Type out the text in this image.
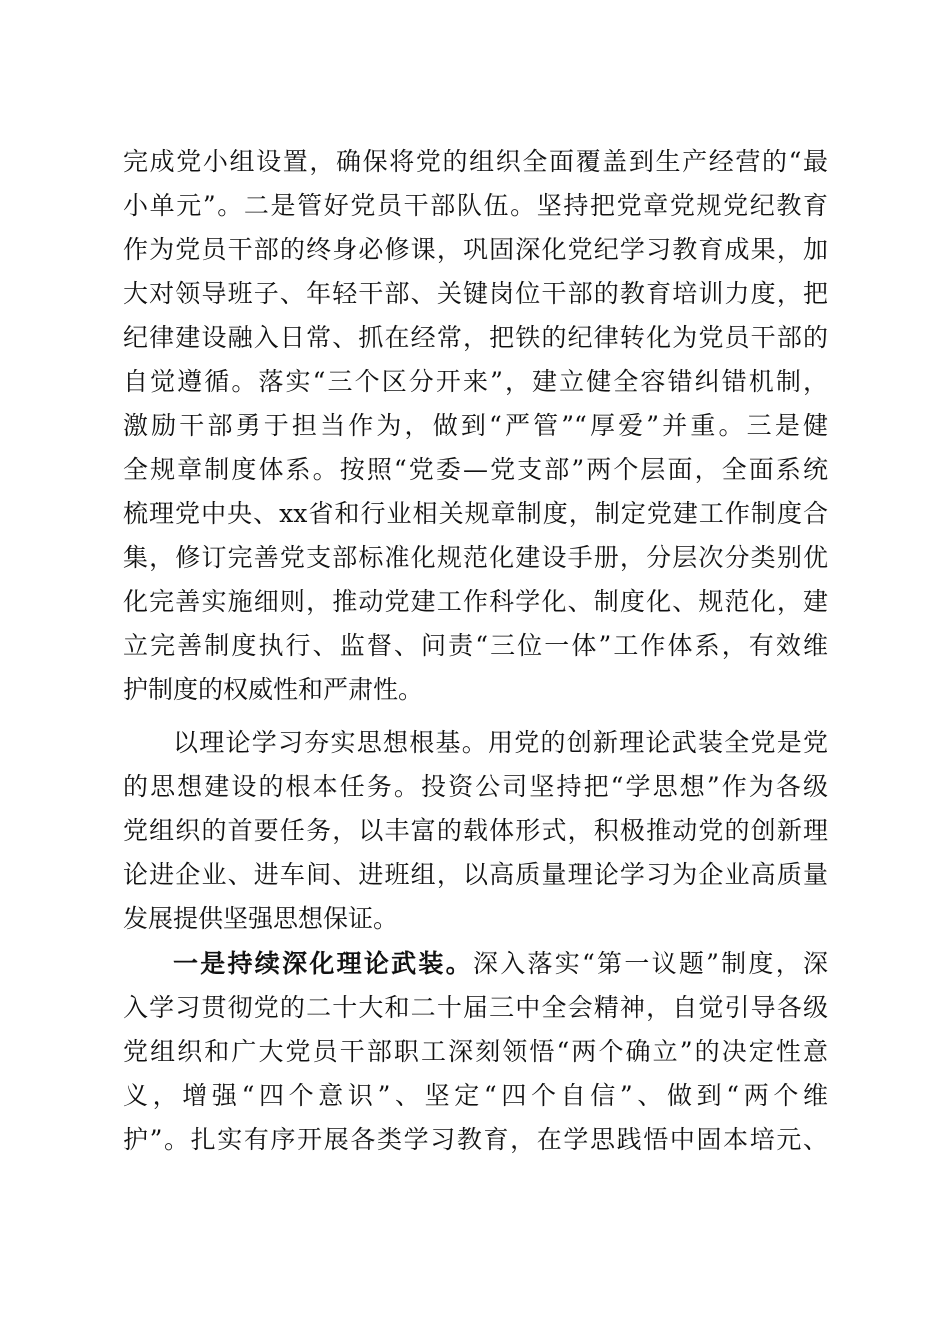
完成党小组设置，确保将党的组织全面覆盖到生产经营的“最
小单元”。二是管好党员干部队伍。坚持把党章党规党纪教育
作为党员干部的终身必修课，巩固深化党纪学习教育成果，加
大对领导班子、年轻干部、关键岗位干部的教育培训力度，把
纪律建设融入日常、抓在经常，把铁的纪律转化为党员干部的
自觉遵循。落实“三个区分开来”，建立健全容错纠错机制，
激励干部勇于担当作为，做到“严管”“厚爱”并重。三是健
全规章制度体系。按照“党委—党支部”两个层面，全面系统
梳理党中央、xx省和行业相关规章制度，制定党建工作制度合
集，修订完善党支部标准化规范化建设手册，分层次分类别优
化完善实施细则，推动党建工作科学化、制度化、规范化，建
立完善制度执行、监督、问责“三位一体”工作体系，有效维
护制度的权威性和严肃性。
以理论学习夯实思想根基。用党的创新理论武装全党是党
的思想建设的根本任务。投资公司坚持把“学思想”作为各级
党组织的首要任务，以丰富的载体形式，积极推动党的创新理
论进企业、进车间、进班组，以高质量理论学习为企业高质量
发展提供坚强思想保证。
一是持续深化理论武装。深入落实“第一议题”制度，深
入学习贯彻党的二十大和二十届三中全会精神，自觉引导各级
党组织和广大党员干部职工深刻领悟“两个确立”的决定性意
义，增强“四个意识”、坚定“四个自信”、做到“两个维
护”。扎实有序开展各类学习教育，在学思践悟中固本培元、
